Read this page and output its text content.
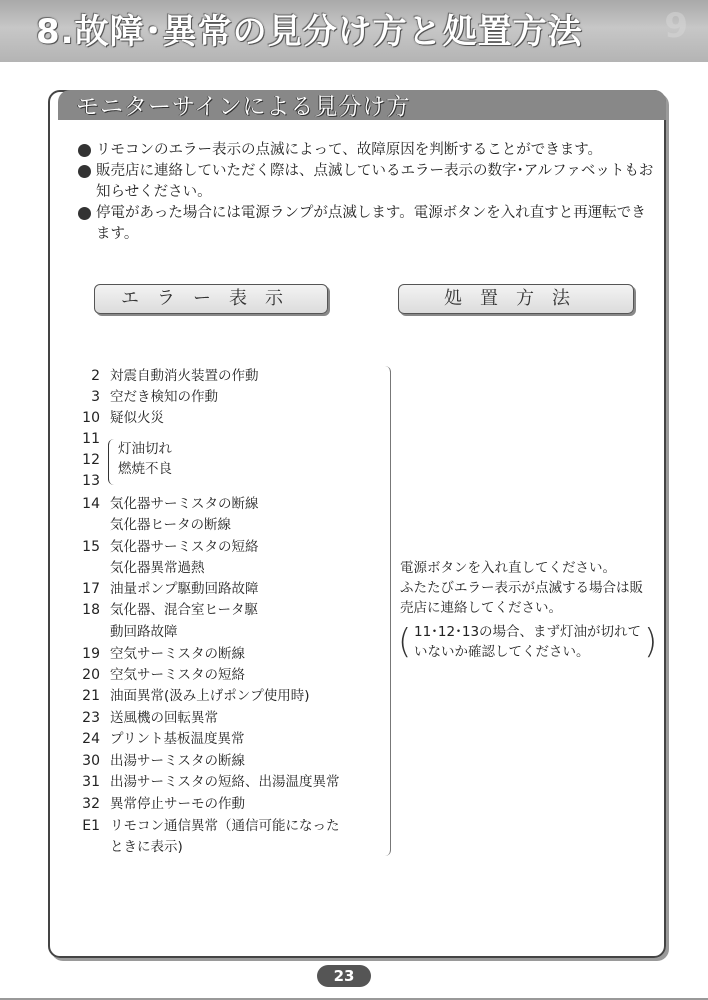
8.故障･異常の見分け方と処置方法 9
モニターサインによる見分け方
リモコンのエラー表示の点滅によって、故障原因を判断することができます。
販売店に連絡していただく際は、点滅しているエラー表示の数字･アルファベットもお知らせください。
停電があった場合には電源ランプが点滅します。電源ボタンを入れ直すと再運転できます。
エラー表示	処置方法
2 対震自動消火装置の作動
3 空だき検知の作動
10 疑似火災
11
12
13
灯油切れ
燃焼不良
14 気化器サーミスタの断線
気化器ヒータの断線
15 気化器サーミスタの短絡
気化器異常過熱
17 油量ポンプ駆動回路故障
18 気化器、混合室ヒータ駆
動回路故障
19 空気サーミスタの断線
20 空気サーミスタの短絡
21 油面異常(汲み上げポンプ使用時)
23 送風機の回転異常
24 プリント基板温度異常
30 出湯サーミスタの断線
31 出湯サーミスタの短絡、出湯温度異常
32 異常停止サーモの作動
E1 リモコン通信異常（通信可能になった
ときに表示)
電源ボタンを入れ直してください。
ふたたびエラー表示が点滅する場合は販
売店に連絡してください。
( 11･12･13の場合、まず灯油が切れて
いないか確認してください。	)
23
